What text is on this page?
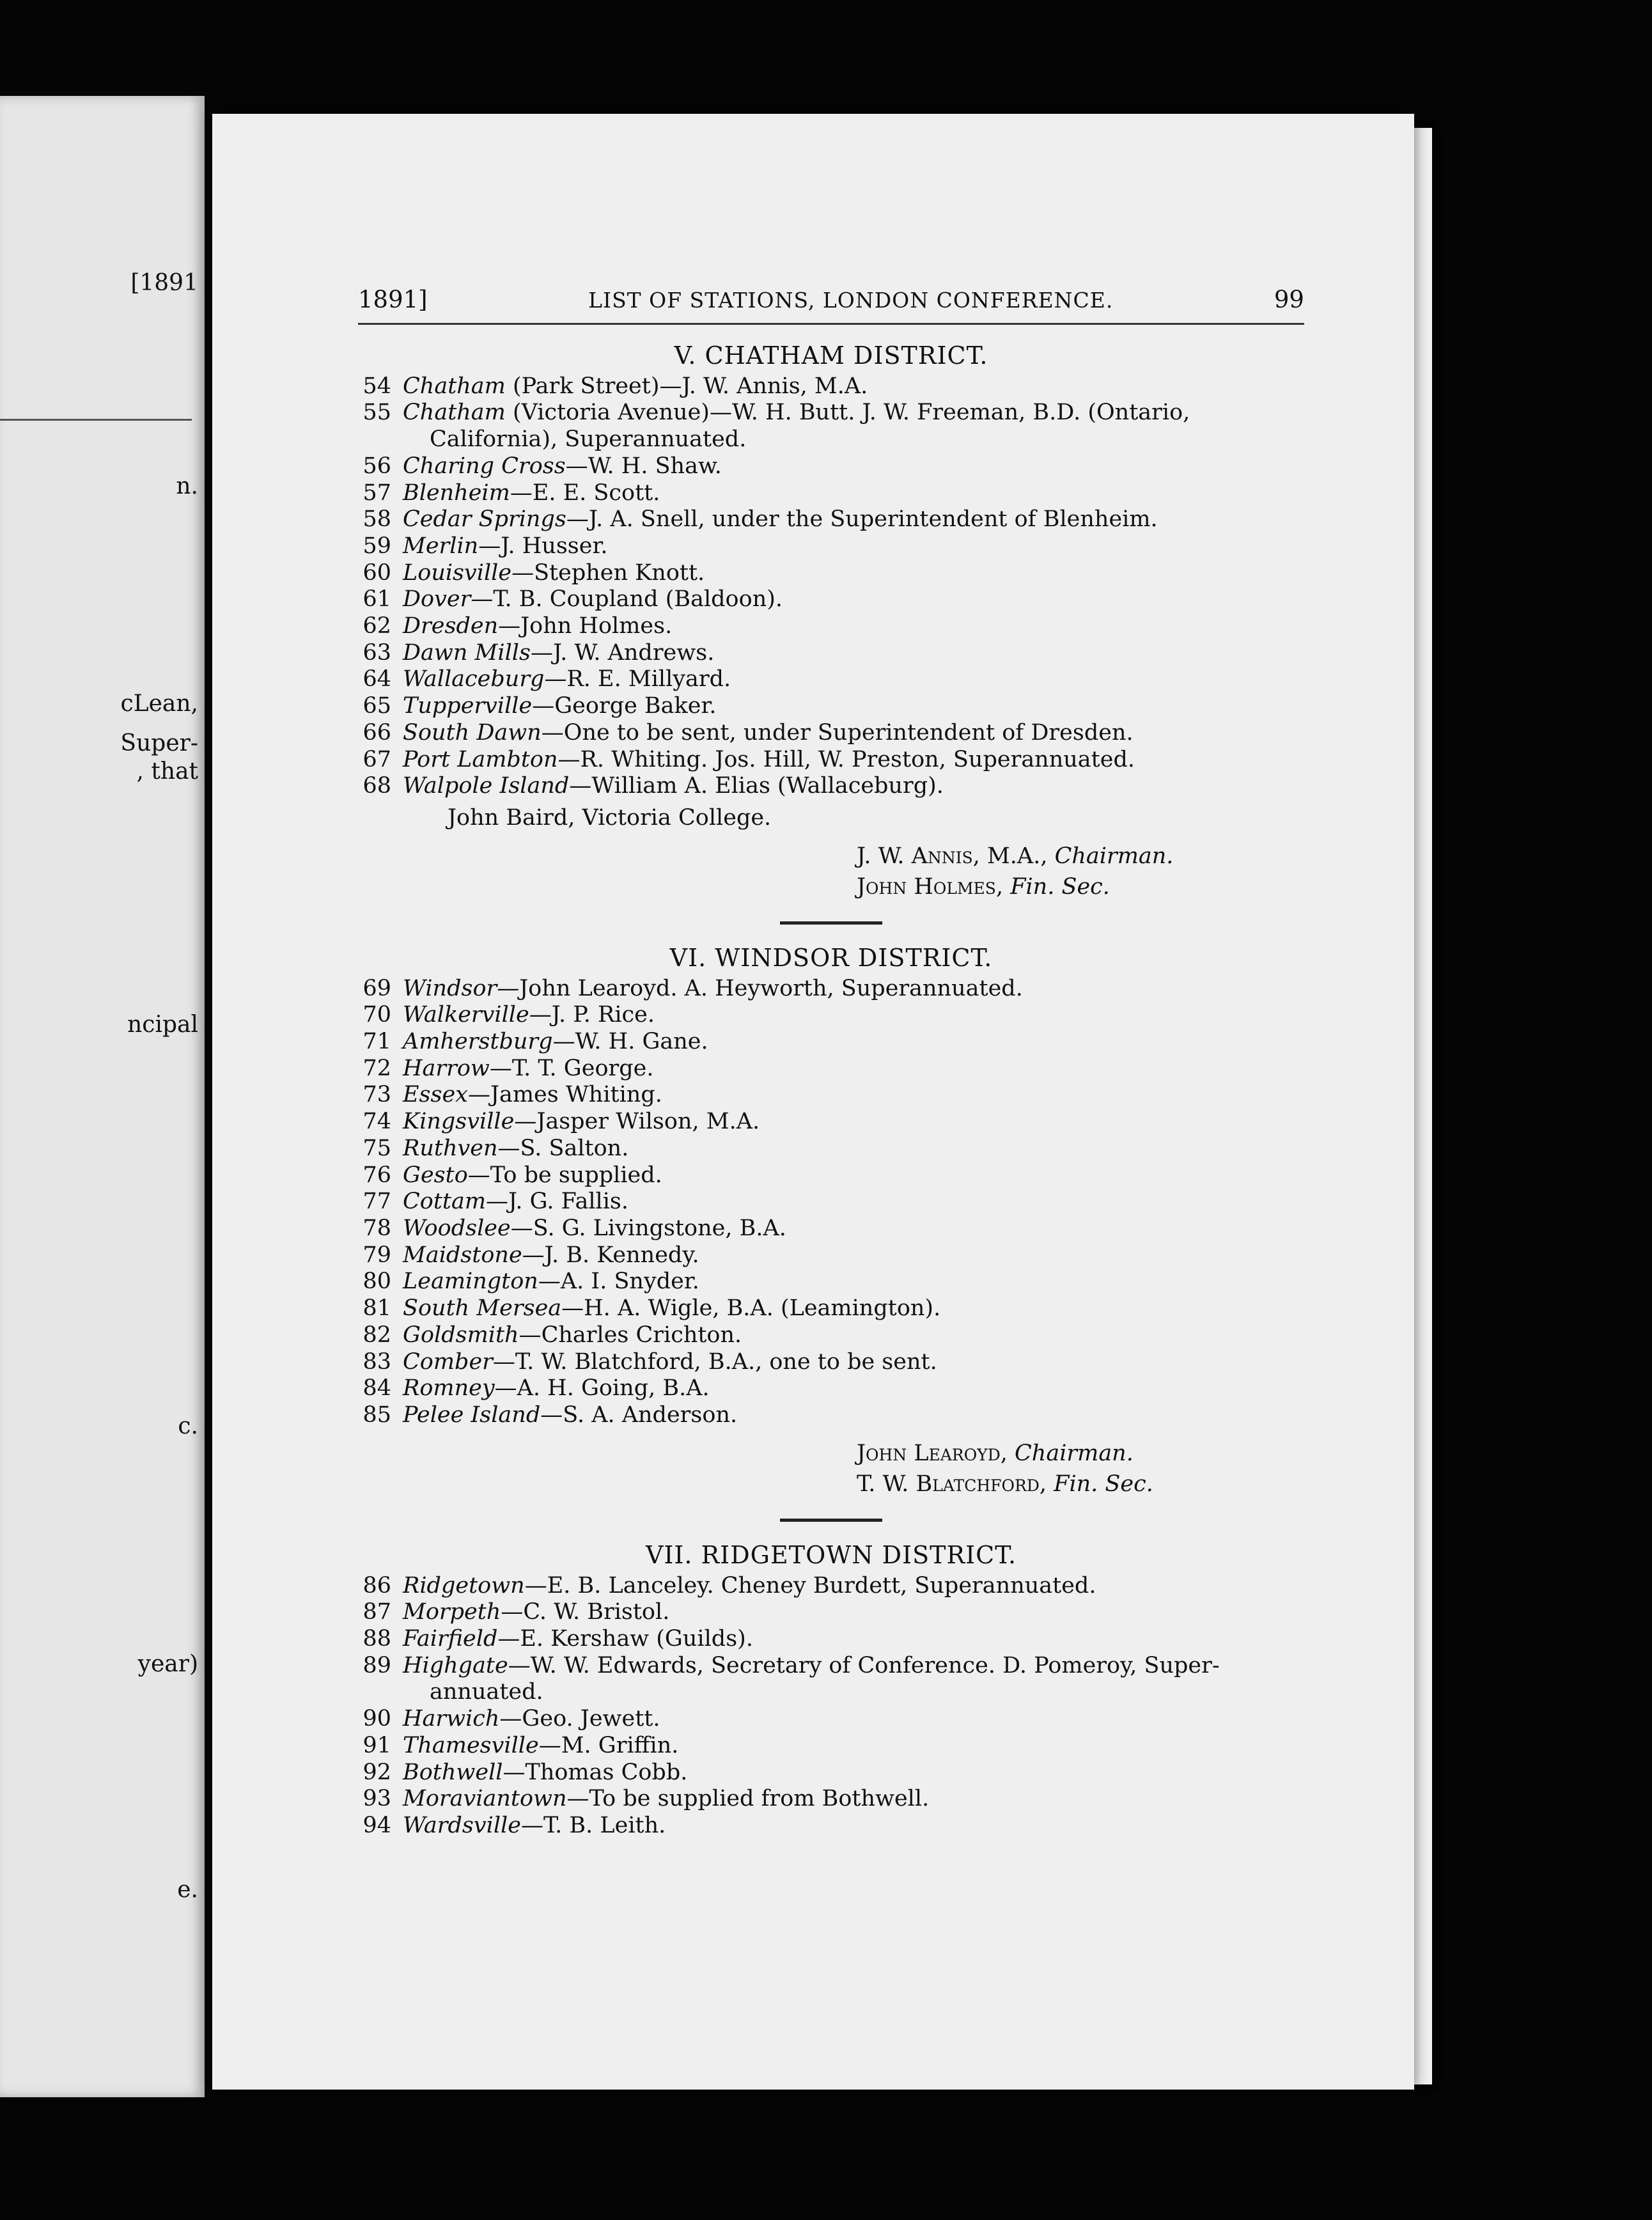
[1891
n.
cLean,
Super-
, that
ncipal
c.
year)
e.
1891]	LIST OF STATIONS, LONDON CONFERENCE.	99
V. CHATHAM DISTRICT.
54 Chatham (Park Street)—J. W. Annis, M.A.
55 Chatham (Victoria Avenue)—W. H. Butt. J. W. Freeman, B.D. (Ontario,
California), Superannuated.
56 Charing Cross—W. H. Shaw.
57 Blenheim—E. E. Scott.
58 Cedar Springs—J. A. Snell, under the Superintendent of Blenheim.
59 Merlin—J. Husser.
60 Louisville—Stephen Knott.
61 Dover—T. B. Coupland (Baldoon).
62 Dresden—John Holmes.
63 Dawn Mills—J. W. Andrews.
64 Wallaceburg—R. E. Millyard.
65 Tupperville—George Baker.
66 South Dawn—One to be sent, under Superintendent of Dresden.
67 Port Lambton—R. Whiting. Jos. Hill, W. Preston, Superannuated.
68 Walpole Island—William A. Elias (Wallaceburg).
John Baird, Victoria College.
J. W. Annis, M.A., Chairman.
John Holmes, Fin. Sec.
VI. WINDSOR DISTRICT.
69 Windsor—John Learoyd. A. Heyworth, Superannuated.
70 Walkerville—J. P. Rice.
71 Amherstburg—W. H. Gane.
72 Harrow—T. T. George.
73 Essex—James Whiting.
74 Kingsville—Jasper Wilson, M.A.
75 Ruthven—S. Salton.
76 Gesto—To be supplied.
77 Cottam—J. G. Fallis.
78 Woodslee—S. G. Livingstone, B.A.
79 Maidstone—J. B. Kennedy.
80 Leamington—A. I. Snyder.
81 South Mersea—H. A. Wigle, B.A. (Leamington).
82 Goldsmith—Charles Crichton.
83 Comber—T. W. Blatchford, B.A., one to be sent.
84 Romney—A. H. Going, B.A.
85 Pelee Island—S. A. Anderson.
John Learoyd, Chairman.
T. W. Blatchford, Fin. Sec.
VII. RIDGETOWN DISTRICT.
86 Ridgetown—E. B. Lanceley. Cheney Burdett, Superannuated.
87 Morpeth—C. W. Bristol.
88 Fairfield—E. Kershaw (Guilds).
89 Highgate—W. W. Edwards, Secretary of Conference. D. Pomeroy, Super-
annuated.
90 Harwich—Geo. Jewett.
91 Thamesville—M. Griffin.
92 Bothwell—Thomas Cobb.
93 Moraviantown—To be supplied from Bothwell.
94 Wardsville—T. B. Leith.
